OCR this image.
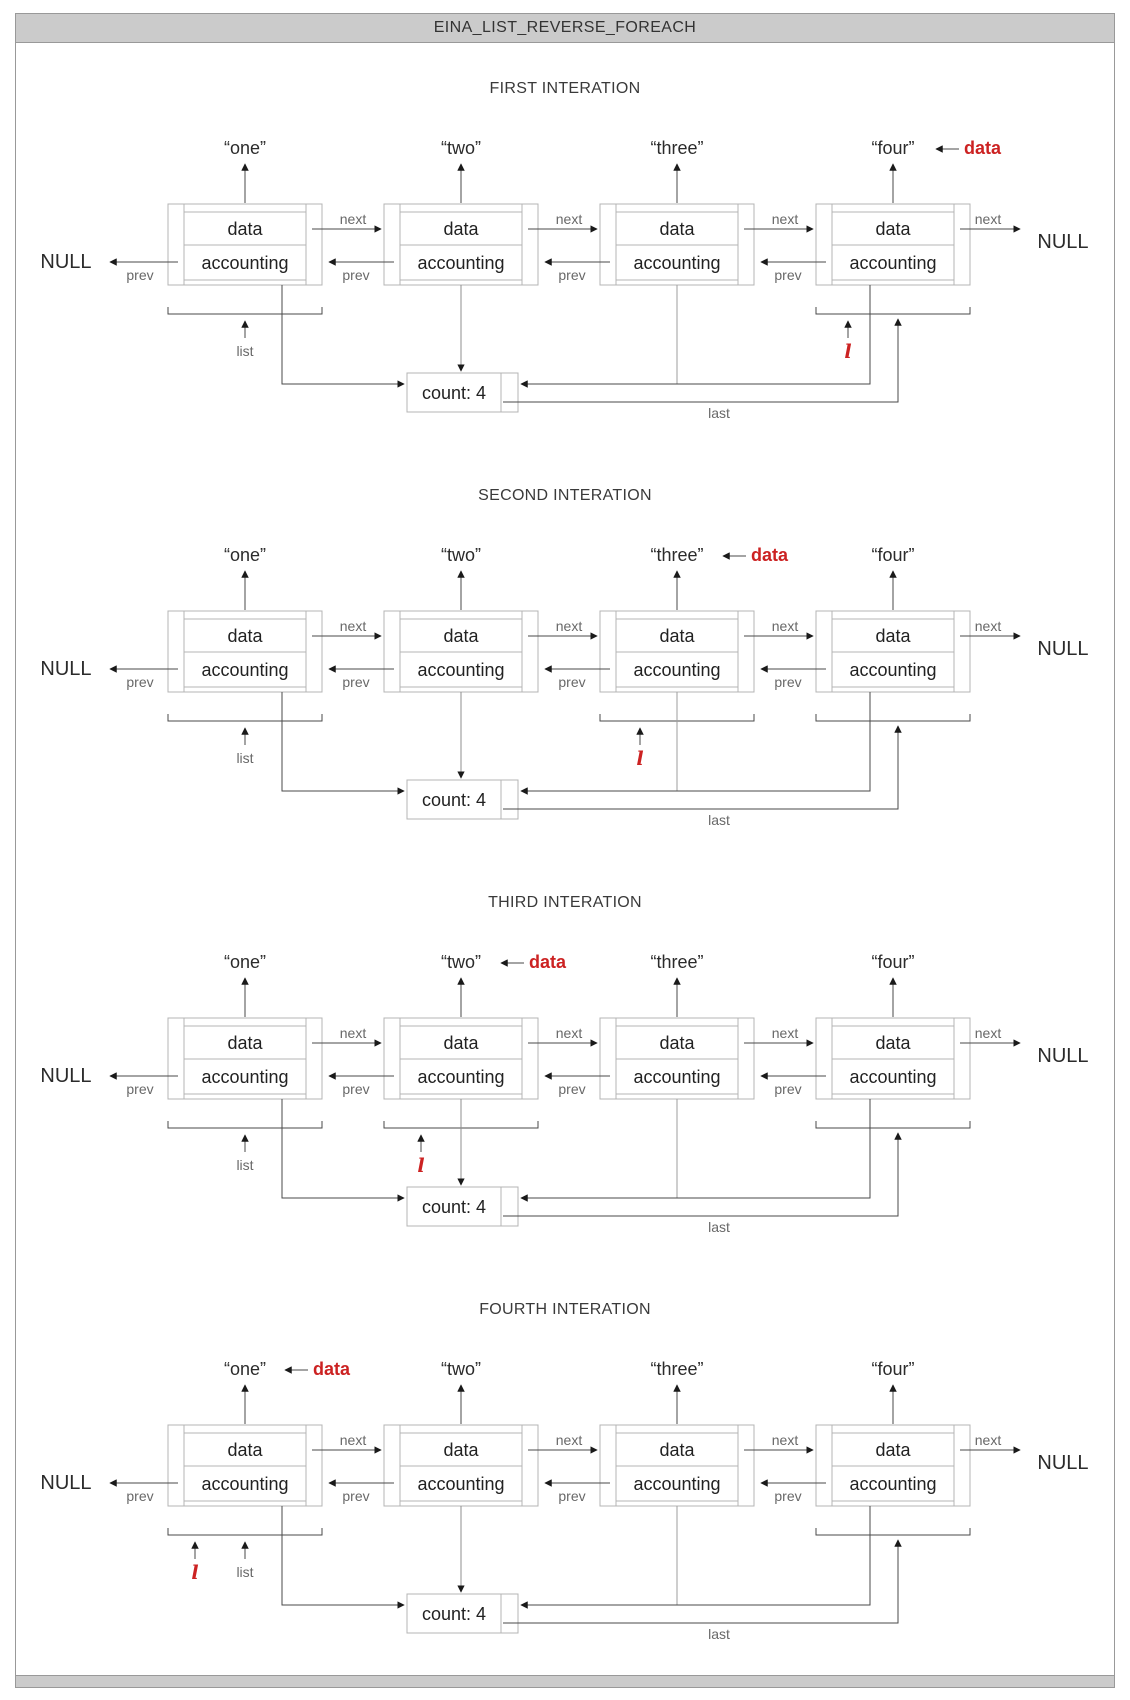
EINA_LIST_REVERSE_FOREACH
FIRST INTERATION
“one”
data
accounting
“two”
data
accounting
“three”
data
accounting
“four”
data
accounting
next	next	next	next
NULL
prev	prev	prev
prev
NULL
count: 4
list	l
last
data
SECOND INTERATION
“one”
data
accounting
“two”
data
accounting
“three”
data
accounting
“four”
data
accounting
next	next	next	next
NULL
prev	prev	prev
prev
NULL
count: 4
list	l
last
data
THIRD INTERATION
“one”
data
accounting
“two”
data
accounting
“three”
data
accounting
“four”
data
accounting
next	next	next	next
NULL
prev	prev	prev
prev
NULL
count: 4
list	l
last
data
FOURTH INTERATION
“one”
data
accounting
“two”
data
accounting
“three”
data
accounting
“four”
data
accounting
next	next	next	next
NULL
prev	prev	prev
prev
NULL
count: 4
list
l
last
data
